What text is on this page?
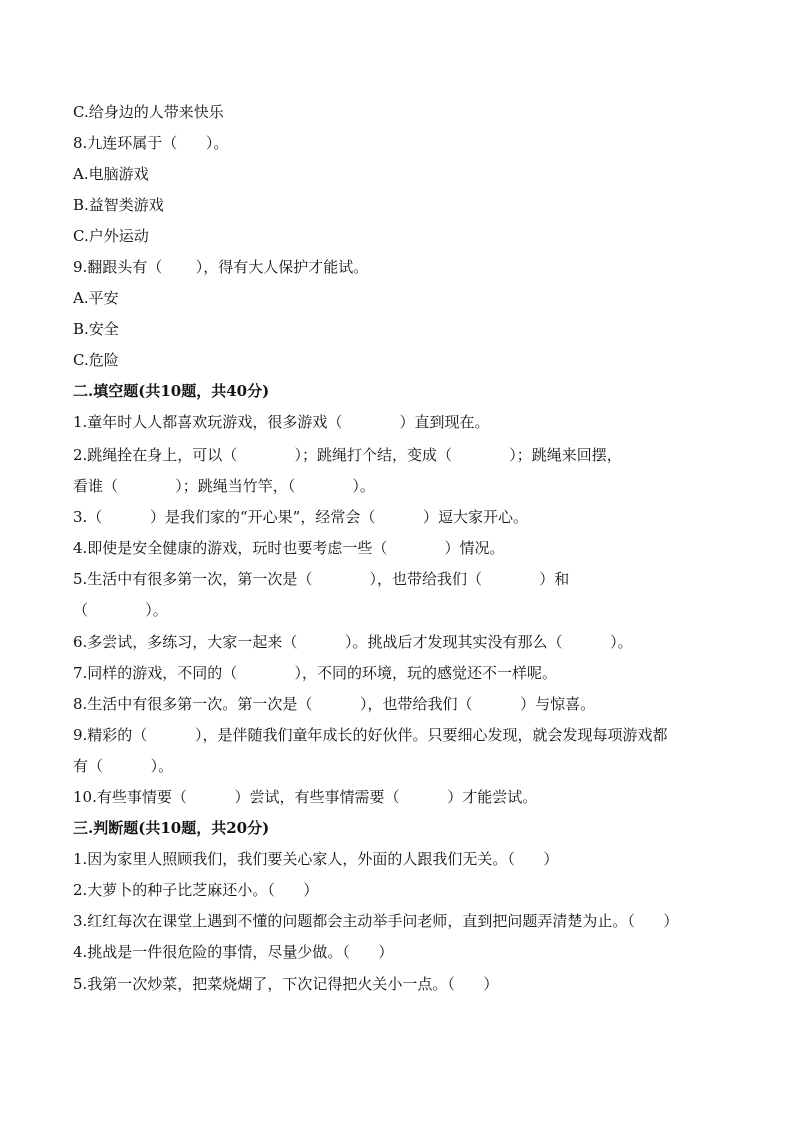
C.给身边的人带来快乐
8.九连环属于（      ）。
A.电脑游戏
B.益智类游戏
C.户外运动
9.翻跟头有（       ），得有大人保护才能试。
A.平安
B.安全
C.危险
二.填空题(共10题，共40分)
1.童年时人人都喜欢玩游戏，很多游戏（            ）直到现在。
2.跳绳拴在身上，可以（            ）；跳绳打个结，变成（            ）；跳绳来回摆，
看谁（            ）；跳绳当竹竿，（            ）。
3.（          ）是我们家的“开心果”，经常会（          ）逗大家开心。
4.即使是安全健康的游戏，玩时也要考虑一些（            ）情况。
5.生活中有很多第一次，第一次是（            ），也带给我们（            ）和
（            ）。
6.多尝试，多练习，大家一起来（          ）。挑战后才发现其实没有那么（          ）。
7.同样的游戏，不同的（            ），不同的环境，玩的感觉还不一样呢。
8.生活中有很多第一次。第一次是（          ），也带给我们（          ）与惊喜。
9.精彩的（          ），是伴随我们童年成长的好伙伴。只要细心发现，就会发现每项游戏都
有（          ）。
10.有些事情要（          ）尝试，有些事情需要（          ）才能尝试。
三.判断题(共10题，共20分)
1.因为家里人照顾我们，我们要关心家人，外面的人跟我们无关。（      ）
2.大萝卜的种子比芝麻还小。（      ）
3.红红每次在课堂上遇到不懂的问题都会主动举手问老师，直到把问题弄清楚为止。（      ）
4.挑战是一件很危险的事情，尽量少做。（      ）
5.我第一次炒菜，把菜烧煳了，下次记得把火关小一点。（      ）
